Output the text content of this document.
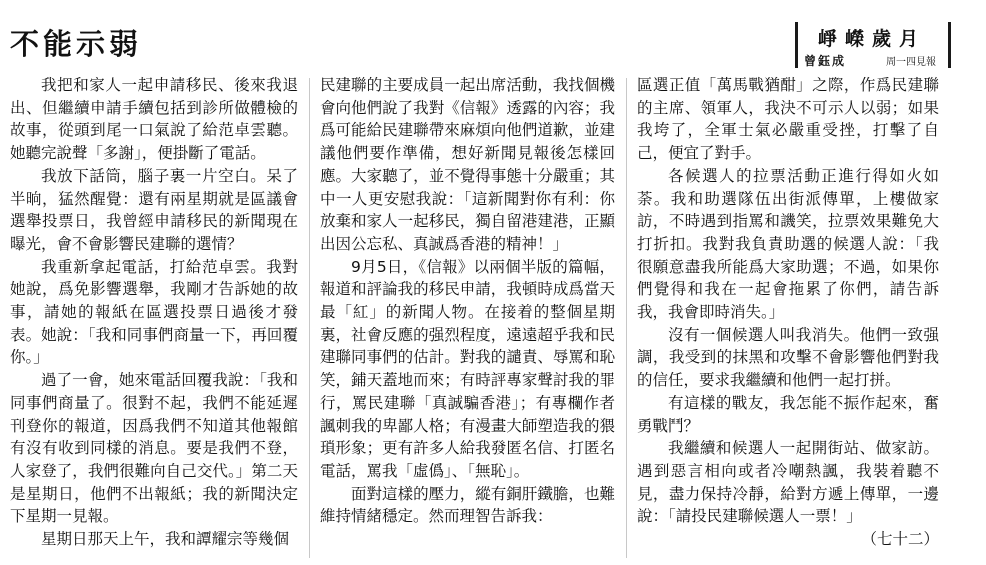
不能示弱	崢嶸歲月
曾鈺成	周一四見報

我把和家人一起申請移民、後來我退出、但繼續申請手續包括到診所做體檢的故事，從頭到尾一口氣說了給范卓雲聽。她聽完說聲「多謝」，便掛斷了電話。

我放下話筒，腦子裏一片空白。呆了半晌，猛然醒覺：還有兩星期就是區議會選舉投票日，我曾經申請移民的新聞現在曝光，會不會影響民建聯的選情？

我重新拿起電話，打給范卓雲。我對她說，爲免影響選舉，我剛才告訴她的故事，請她的報紙在區選投票日過後才發表。她說：「我和同事們商量一下，再回覆你。」

過了一會，她來電話回覆我說：「我和同事們商量了。很對不起，我們不能延遲刊登你的報道，因爲我們不知道其他報館有沒有收到同樣的消息。要是我們不登，人家登了，我們很難向自己交代。」第二天是星期日，他們不出報紙；我的新聞決定下星期一見報。

星期日那天上午，我和譚耀宗等幾個

民建聯的主要成員一起出席活動，我找個機會向他們說了我對《信報》透露的內容；我爲可能給民建聯帶來麻煩向他們道歉，並建議他們要作準備，想好新聞見報後怎樣回應。大家聽了，並不覺得事態十分嚴重；其中一人更安慰我說：「這新聞對你有利：你放棄和家人一起移民，獨自留港建港，正顯出因公忘私、真誠爲香港的精神！」

9月5日，《信報》以兩個半版的篇幅，報道和評論我的移民申請，我頓時成爲當天最「紅」的新聞人物。在接着的整個星期裏，社會反應的强烈程度，遠遠超乎我和民建聯同事們的估計。對我的譴責、辱罵和恥笑，鋪天蓋地而來；有時評專家聲討我的罪行，罵民建聯「真誠騙香港」；有專欄作者諷刺我的卑鄙人格；有漫畫大師塑造我的猥瑣形象；更有許多人給我發匿名信、打匿名電話，罵我「虛僞」、「無恥」。

面對這樣的壓力，縱有銅肝鐵膽，也難維持情緒穩定。然而理智告訴我：

區選正值「萬馬戰猶酣」之際，作爲民建聯的主席、領軍人，我決不可示人以弱；如果我垮了，全軍士氣必嚴重受挫，打擊了自己，便宜了對手。

各候選人的拉票活動正進行得如火如荼。我和助選隊伍出街派傳單，上樓做家訪，不時遇到指罵和譏笑，拉票效果難免大打折扣。我對我負責助選的候選人說：「我很願意盡我所能爲大家助選；不過，如果你們覺得和我在一起會拖累了你們，請告訴我，我會即時消失。」

沒有一個候選人叫我消失。他們一致强調，我受到的抹黑和攻擊不會影響他們對我的信任，要求我繼續和他們一起打拼。

有這樣的戰友，我怎能不振作起來，奮勇戰鬥？

我繼續和候選人一起開街站、做家訪。遇到惡言相向或者冷嘲熱諷，我裝着聽不見，盡力保持冷靜，給對方遞上傳單，一邊說：「請投民建聯候選人一票！」
（七十二）
